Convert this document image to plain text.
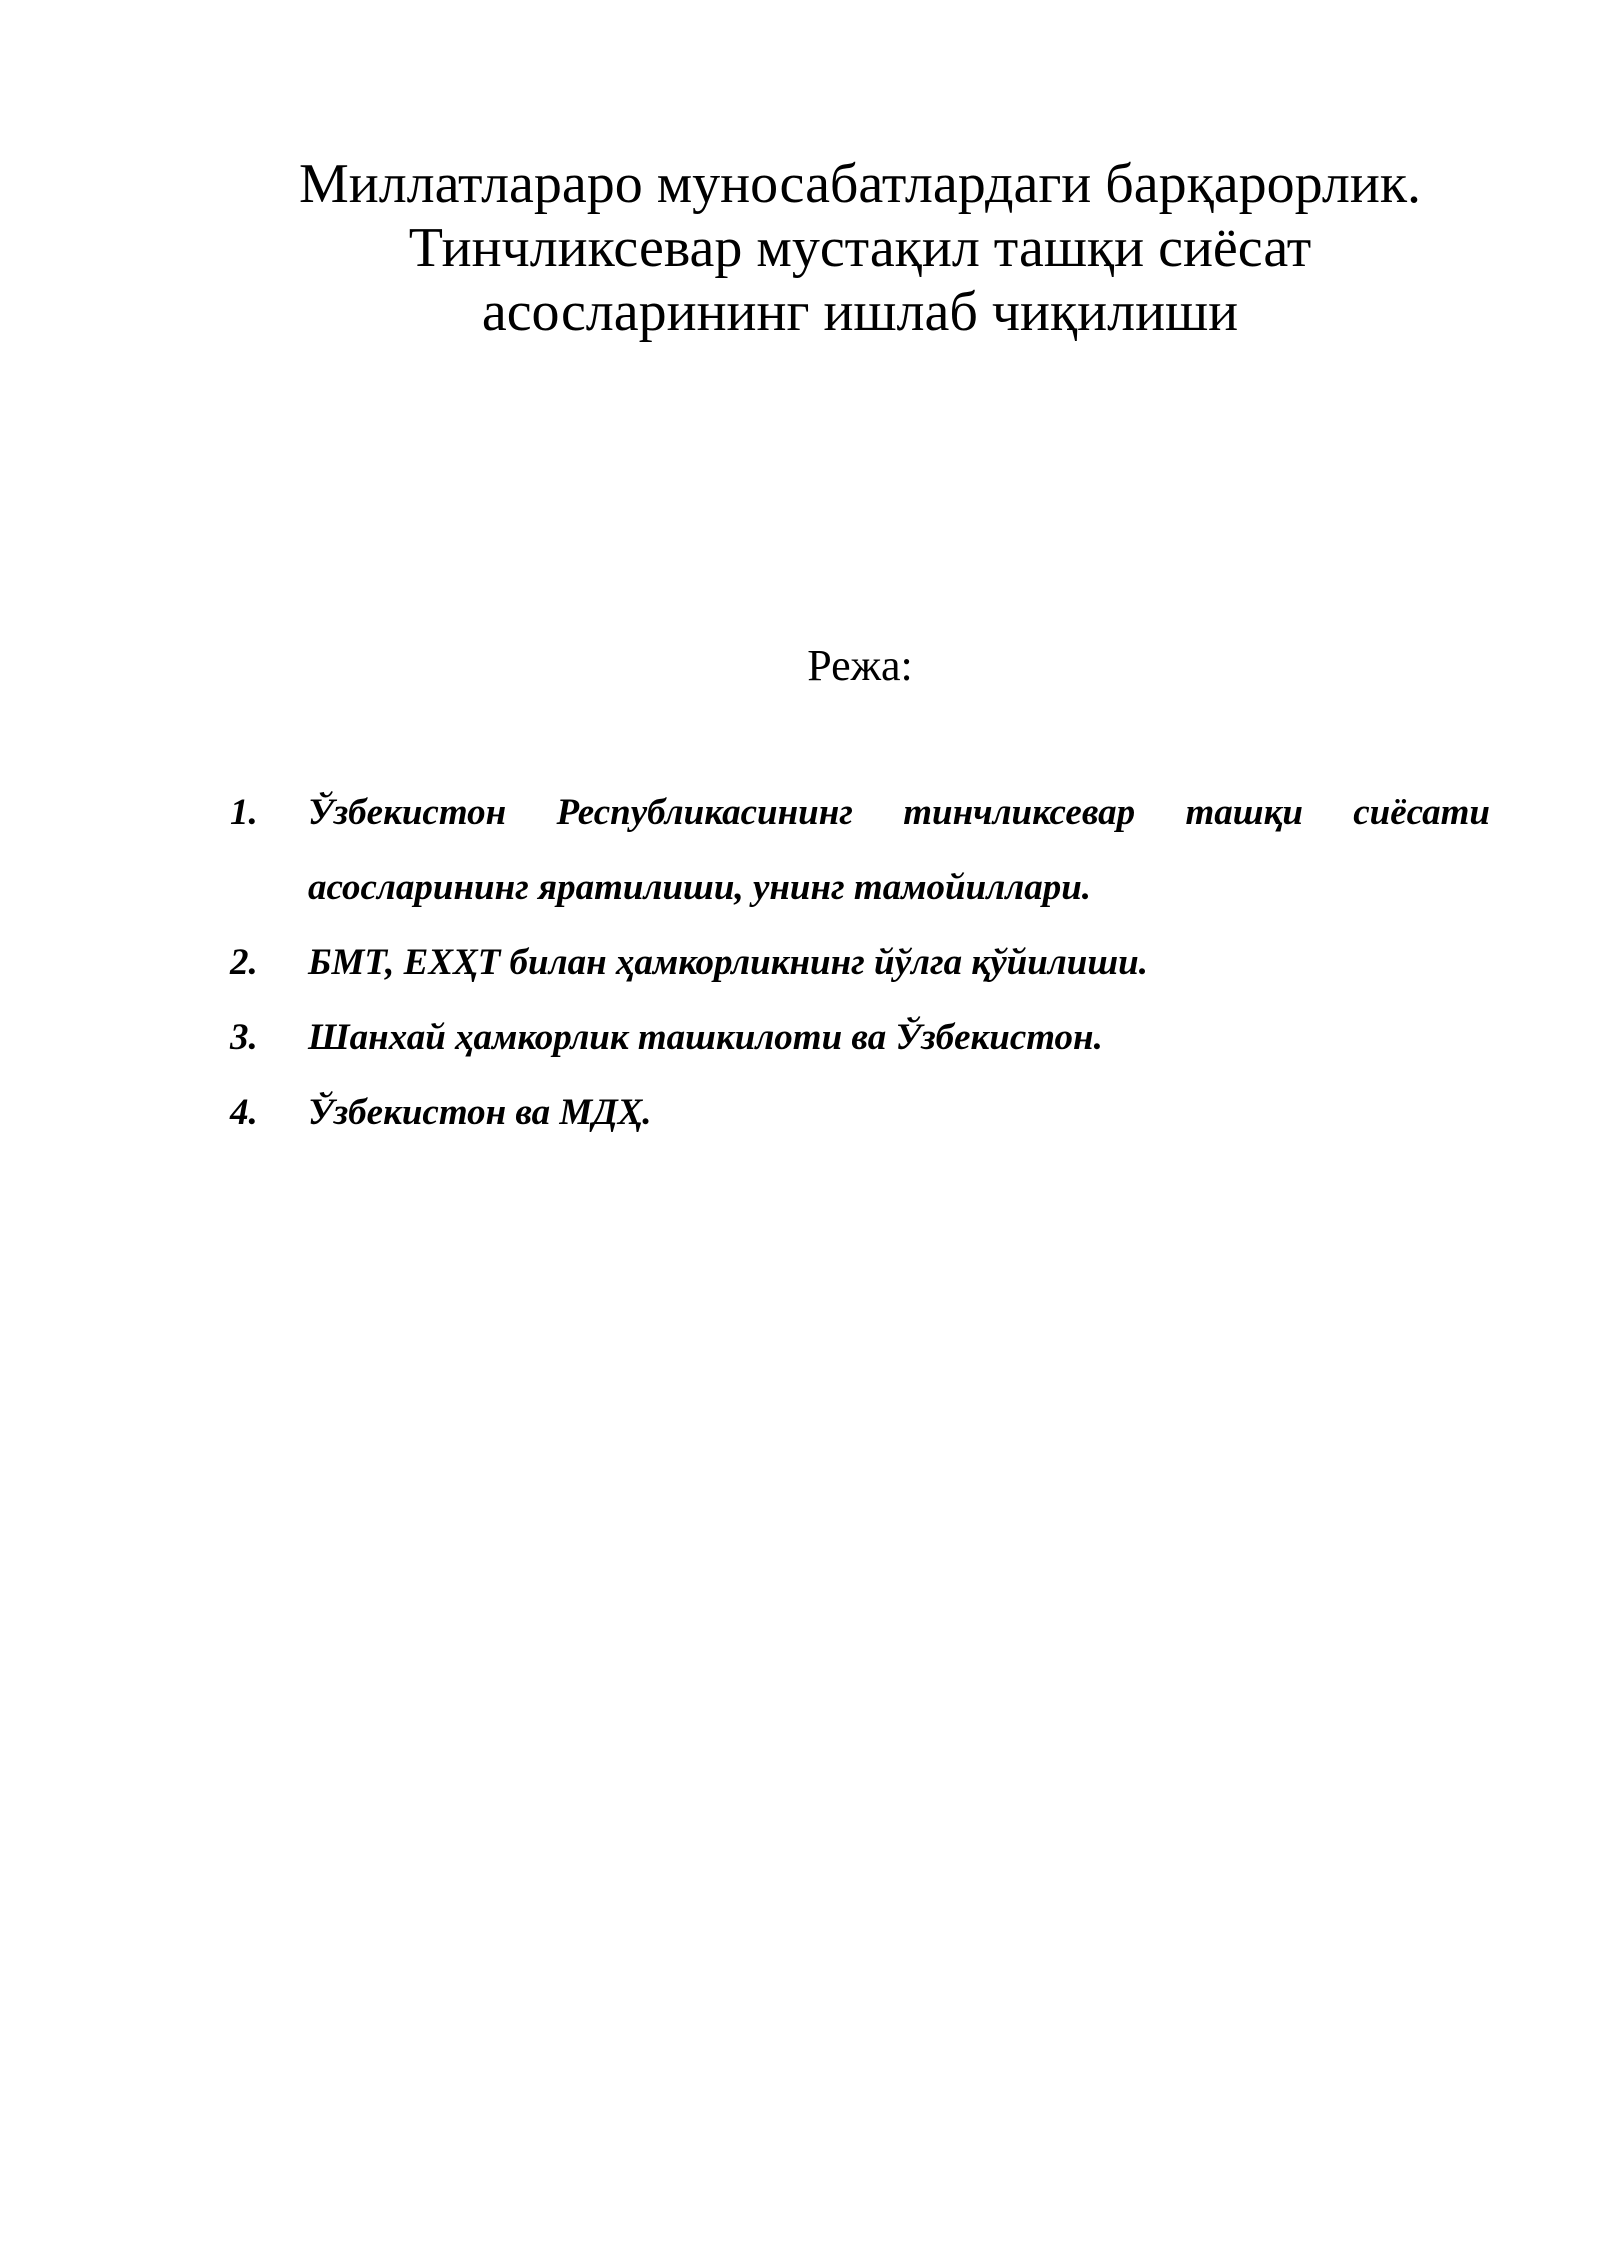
Миллатлараро муносабатлардаги барқарорлик.
Тинчликсевар мустақил ташқи сиёсат
асосларининг ишлаб чиқилиши
Режа:
1.	Ўзбекистон Республикасининг тинчликсевар ташқи сиёсати асосларининг яратилиши, унинг тамойиллари.
2.	БМТ, ЕХҲТ билан ҳамкорликнинг йўлга қўйилиши.
3.	Шанхай ҳамкорлик ташкилоти ва Ўзбекистон.
4.	Ўзбекистон ва МДҲ.
